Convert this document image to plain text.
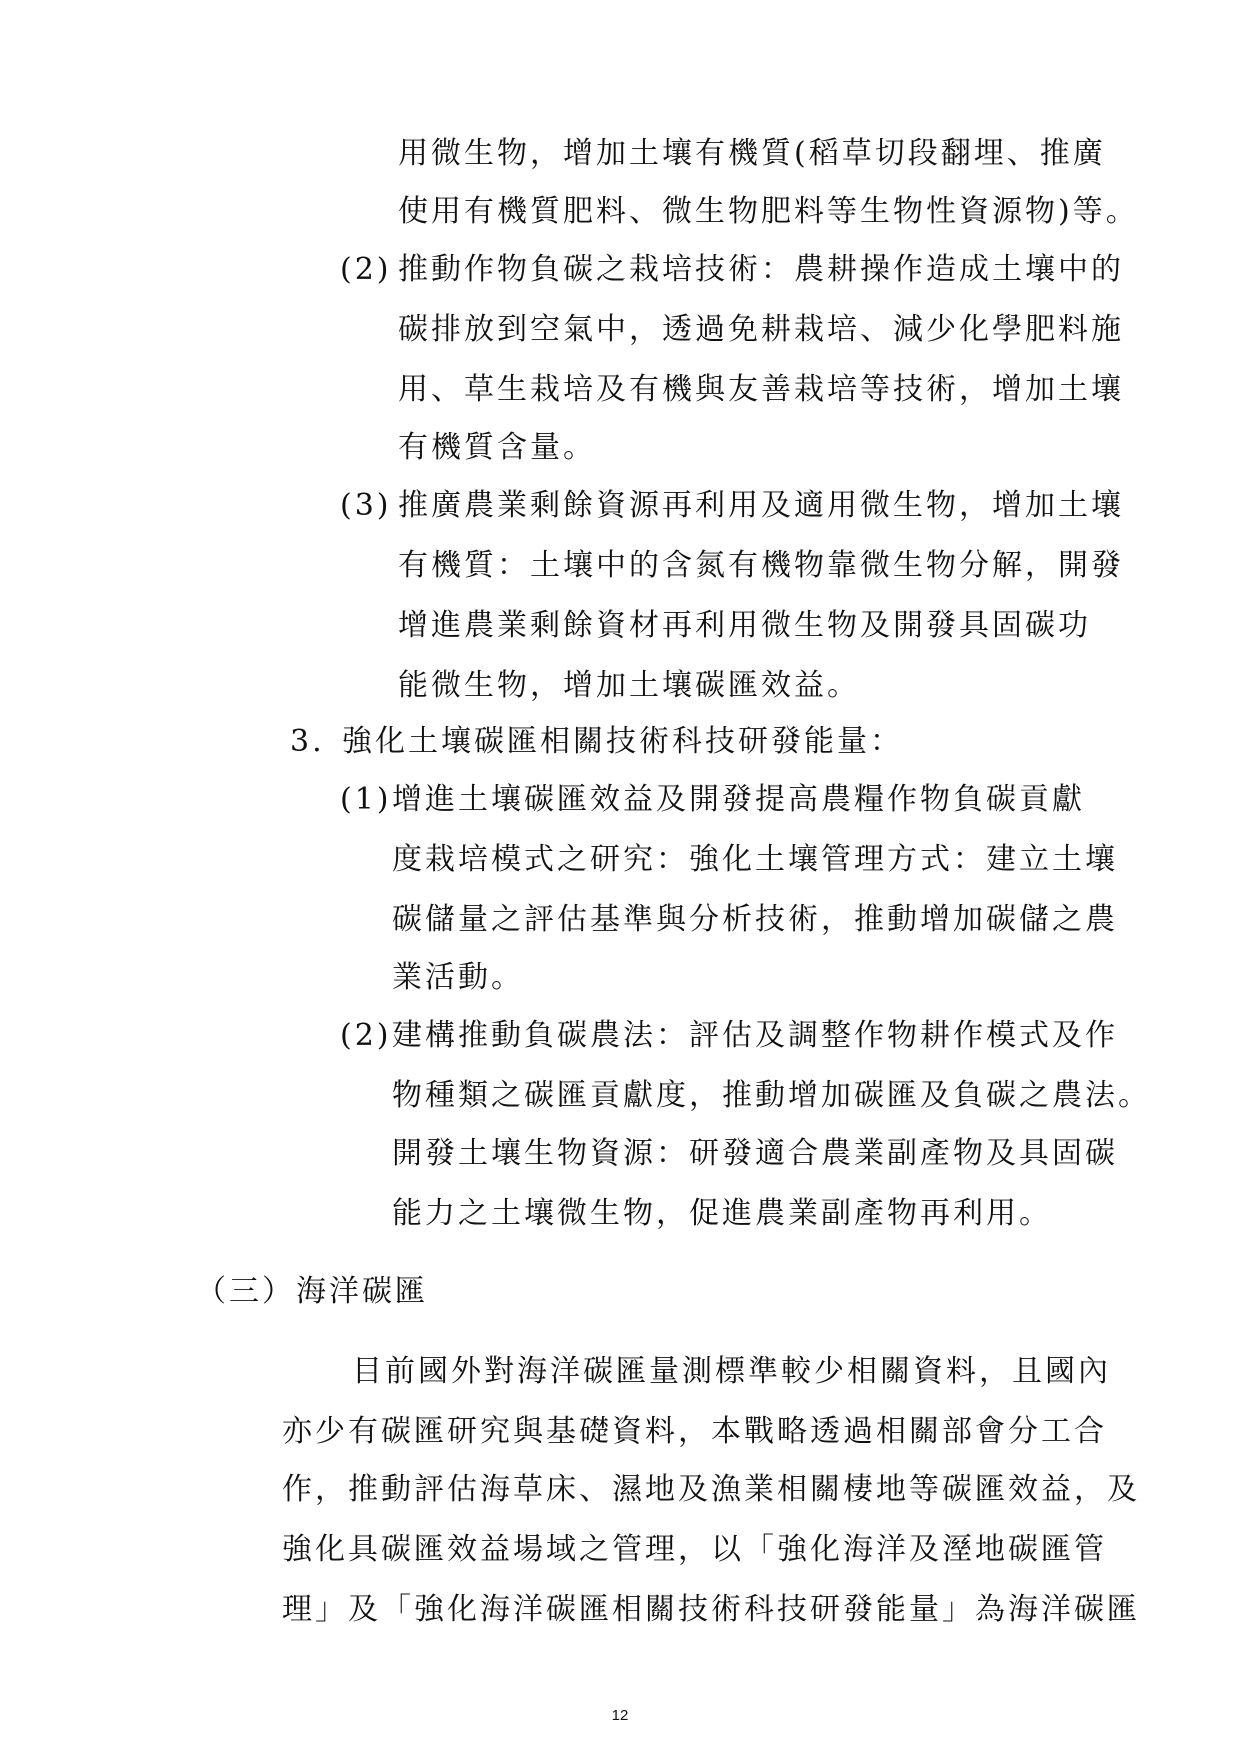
用微生物，增加土壤有機質(稻草切段翻埋、推廣
使用有機質肥料、微生物肥料等生物性資源物)等。
(2) 推動作物負碳之栽培技術：農耕操作造成土壤中的
碳排放到空氣中，透過免耕栽培、減少化學肥料施
用、草生栽培及有機與友善栽培等技術，增加土壤
有機質含量。
(3) 推廣農業剩餘資源再利用及適用微生物，增加土壤
有機質：土壤中的含氮有機物靠微生物分解，開發
增進農業剩餘資材再利用微生物及開發具固碳功
能微生物，增加土壤碳匯效益。
3. 強化土壤碳匯相關技術科技研發能量：
(1) 增進土壤碳匯效益及開發提高農糧作物負碳貢獻
度栽培模式之研究：強化土壤管理方式：建立土壤
碳儲量之評估基準與分析技術，推動增加碳儲之農
業活動。
(2) 建構推動負碳農法：評估及調整作物耕作模式及作
物種類之碳匯貢獻度，推動增加碳匯及負碳之農法。
開發土壤生物資源：研發適合農業副產物及具固碳
能力之土壤微生物，促進農業副產物再利用。
（三） 海洋碳匯
目前國外對海洋碳匯量測標準較少相關資料，且國內
亦少有碳匯研究與基礎資料，本戰略透過相關部會分工合
作，推動評估海草床、濕地及漁業相關棲地等碳匯效益，及
強化具碳匯效益場域之管理，以「強化海洋及溼地碳匯管
理」及「強化海洋碳匯相關技術科技研發能量」為海洋碳匯
12
